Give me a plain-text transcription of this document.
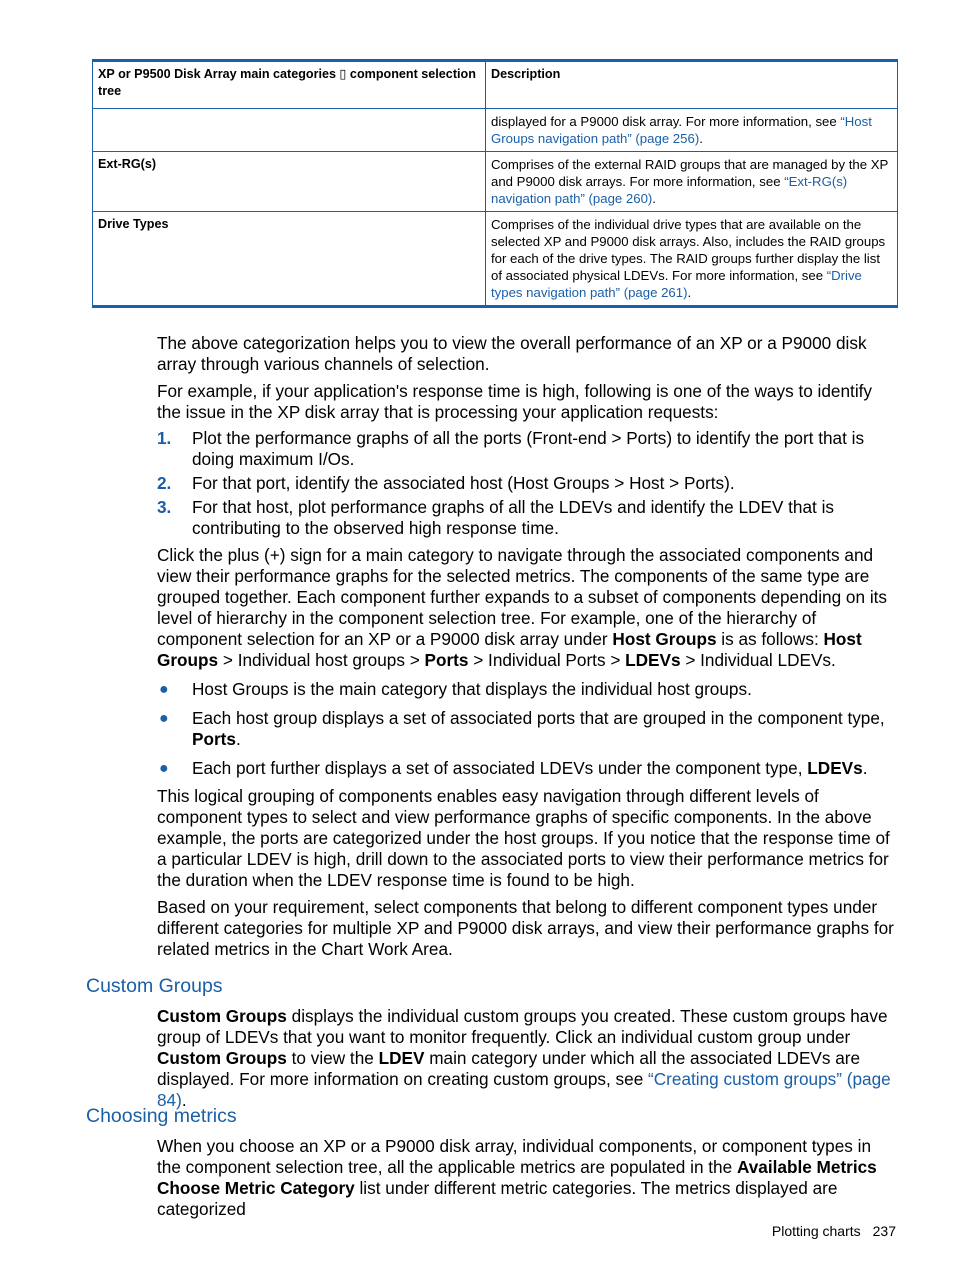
XP or P9500 Disk Array main categories ▯ component selection tree	Description
	displayed for a P9000 disk array. For more information, see “Host Groups navigation path” (page 256).
Ext-RG(s)	Comprises of the external RAID groups that are managed by the XP and P9000 disk arrays. For more information, see “Ext-RG(s) navigation path” (page 260).
Drive Types	Comprises of the individual drive types that are available on the selected XP and P9000 disk arrays. Also, includes the RAID groups for each of the drive types. The RAID groups further display the list of associated physical LDEVs. For more information, see “Drive types navigation path” (page 261).

The above categorization helps you to view the overall performance of an XP or a P9000 disk array through various channels of selection.

For example, if your application's response time is high, following is one of the ways to identify the issue in the XP disk array that is processing your application requests:

1. Plot the performance graphs of all the ports (Front-end > Ports) to identify the port that is doing maximum I/Os.
2. For that port, identify the associated host (Host Groups > Host > Ports).
3. For that host, plot performance graphs of all the LDEVs and identify the LDEV that is contributing to the observed high response time.

Click the plus (+) sign for a main category to navigate through the associated components and view their performance graphs for the selected metrics. The components of the same type are grouped together. Each component further expands to a subset of components depending on its level of hierarchy in the component selection tree. For example, one of the hierarchy of component selection for an XP or a P9000 disk array under Host Groups is as follows: Host Groups > Individual host groups > Ports > Individual Ports > LDEVs > Individual LDEVs.

● Host Groups is the main category that displays the individual host groups.
● Each host group displays a set of associated ports that are grouped in the component type, Ports.
● Each port further displays a set of associated LDEVs under the component type, LDEVs.

This logical grouping of components enables easy navigation through different levels of component types to select and view performance graphs of specific components. In the above example, the ports are categorized under the host groups. If you notice that the response time of a particular LDEV is high, drill down to the associated ports to view their performance metrics for the duration when the LDEV response time is found to be high.

Based on your requirement, select components that belong to different component types under different categories for multiple XP and P9000 disk arrays, and view their performance graphs for related metrics in the Chart Work Area.

Custom Groups

Custom Groups displays the individual custom groups you created. These custom groups have group of LDEVs that you want to monitor frequently. Click an individual custom group under Custom Groups to view the LDEV main category under which all the associated LDEVs are displayed. For more information on creating custom groups, see “Creating custom groups” (page 84).

Choosing metrics

When you choose an XP or a P9000 disk array, individual components, or component types in the component selection tree, all the applicable metrics are populated in the Available Metrics Choose Metric Category list under different metric categories. The metrics displayed are categorized

Plotting charts 237
